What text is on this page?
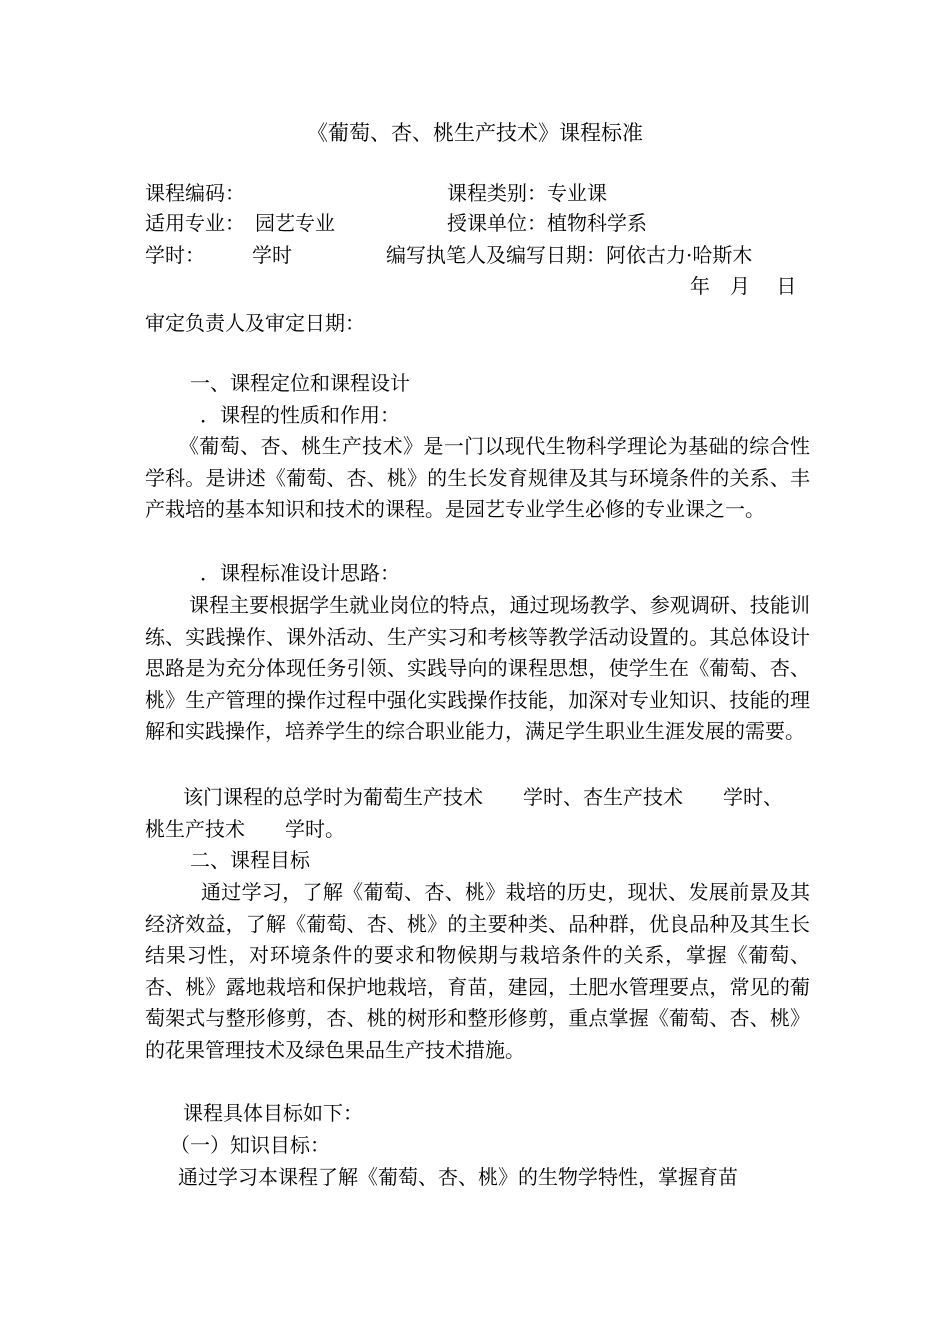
《葡萄、杏、桃生产技术》课程标准
课程编码：	课程类别：专业课
适用专业：　园艺专业	授课单位：植物科学系
学时： 学时	编写执笔人及编写日期：阿依古力·哈斯木
年　月　 日
审定负责人及审定日期：
一、课程定位和课程设计
．课程的性质和作用：
《葡萄、杏、桃生产技术》是一门以现代生物科学理论为基础的综合性学科。是讲述《葡萄、杏、桃》的生长发育规律及其与环境条件的关系、丰产栽培的基本知识和技术的课程。是园艺专业学生必修的专业课之一。
．课程标准设计思路：
课程主要根据学生就业岗位的特点，通过现场教学、参观调研、技能训练、实践操作、课外活动、生产实习和考核等教学活动设置的。其总体设计思路是为充分体现任务引领、实践导向的课程思想，使学生在《葡萄、杏、桃》生产管理的操作过程中强化实践操作技能，加深对专业知识、技能的理解和实践操作，培养学生的综合职业能力，满足学生职业生涯发展的需要。
该门课程的总学时为葡萄生产技术　　学时、杏生产技术　　学时、
桃生产技术　　学时。
二、课程目标
通过学习，了解《葡萄、杏、桃》栽培的历史，现状、发展前景及其经济效益，了解《葡萄、杏、桃》的主要种类、品种群，优良品种及其生长结果习性，对环境条件的要求和物候期与栽培条件的关系，掌握《葡萄、杏、桃》露地栽培和保护地栽培，育苗，建园，土肥水管理要点，常见的葡萄架式与整形修剪，杏、桃的树形和整形修剪，重点掌握《葡萄、杏、桃》的花果管理技术及绿色果品生产技术措施。
课程具体目标如下：
（一）知识目标：
通过学习本课程了解《葡萄、杏、桃》的生物学特性，掌握育苗
